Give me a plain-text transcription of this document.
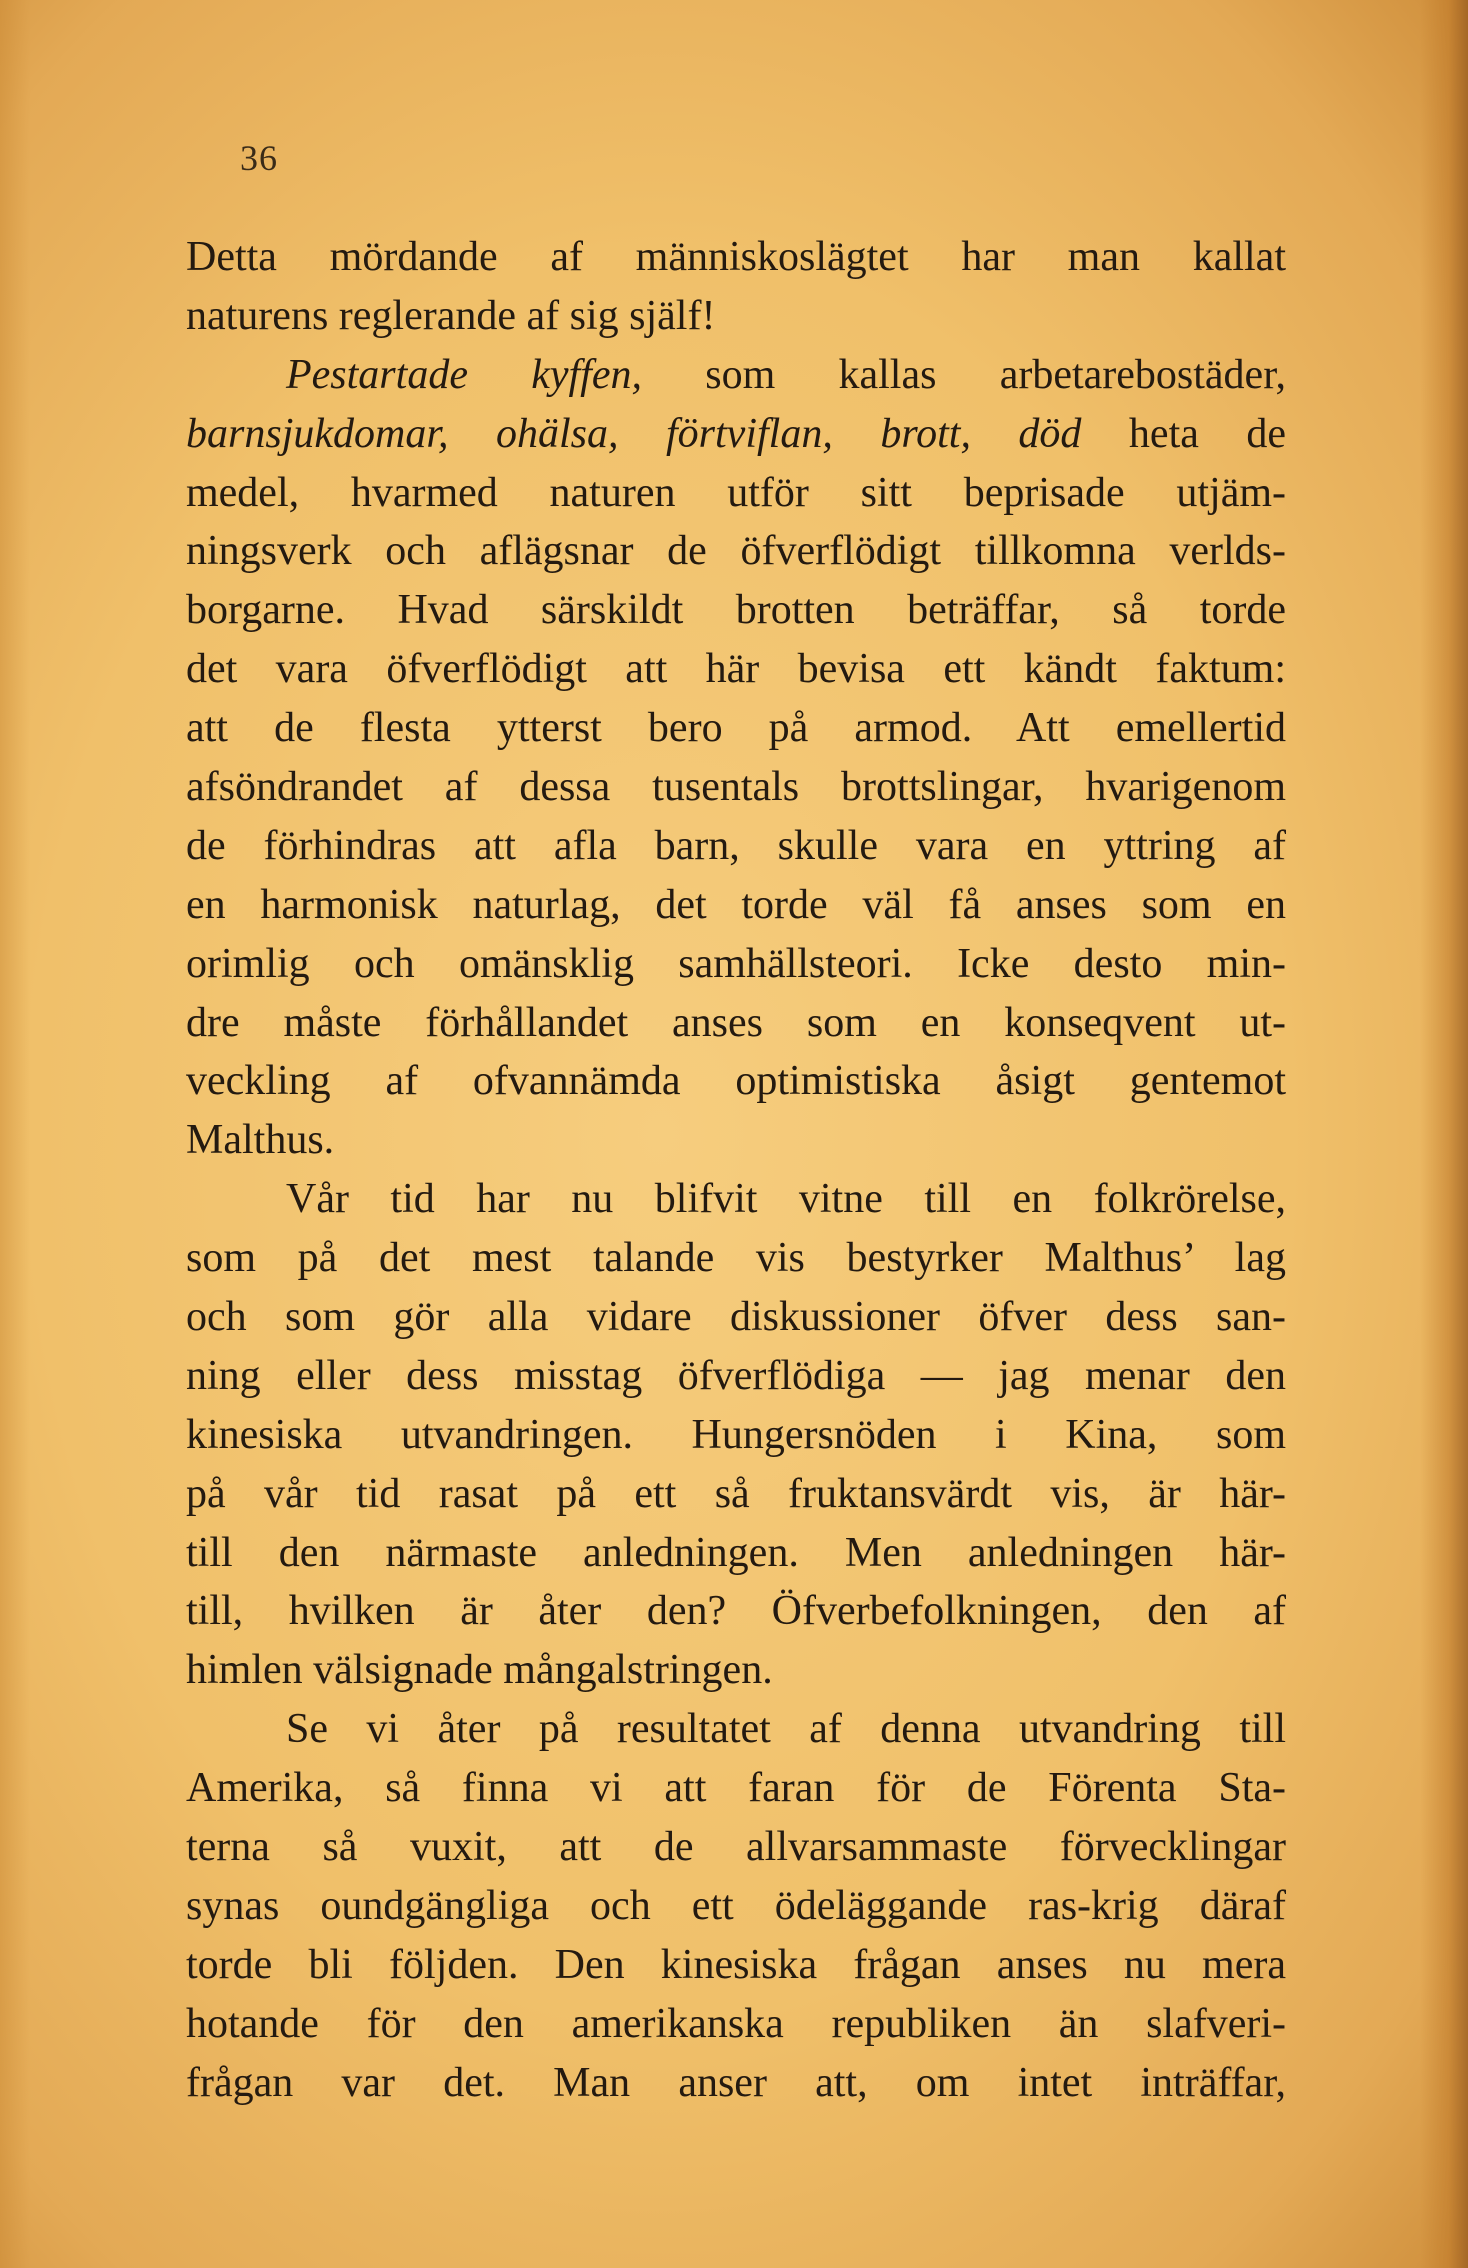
36
Detta mördande af människoslägtet har man kallat
naturens reglerande af sig själf!
Pestartade kyffen, som kallas arbetarebostäder,
barnsjukdomar, ohälsa, förtviflan, brott, död heta de
medel, hvarmed naturen utför sitt beprisade utjäm-
ningsverk och aflägsnar de öfverflödigt tillkomna verlds-
borgarne. Hvad särskildt brotten beträffar, så torde
det vara öfverflödigt att här bevisa ett kändt faktum:
att de flesta ytterst bero på armod. Att emellertid
afsöndrandet af dessa tusentals brottslingar, hvarigenom
de förhindras att afla barn, skulle vara en yttring af
en harmonisk naturlag, det torde väl få anses som en
orimlig och omänsklig samhällsteori. Icke desto min-
dre måste förhållandet anses som en konseqvent ut-
veckling af ofvannämda optimistiska åsigt gentemot
Malthus.
Vår tid har nu blifvit vitne till en folkrörelse,
som på det mest talande vis bestyrker Malthus’ lag
och som gör alla vidare diskussioner öfver dess san-
ning eller dess misstag öfverflödiga — jag menar den
kinesiska utvandringen. Hungersnöden i Kina, som
på vår tid rasat på ett så fruktansvärdt vis, är här-
till den närmaste anledningen. Men anledningen här-
till, hvilken är åter den? Öfverbefolkningen, den af
himlen välsignade mångalstringen.
Se vi åter på resultatet af denna utvandring till
Amerika, så finna vi att faran för de Förenta Sta-
terna så vuxit, att de allvarsammaste förvecklingar
synas oundgängliga och ett ödeläggande ras-krig däraf
torde bli följden. Den kinesiska frågan anses nu mera
hotande för den amerikanska republiken än slafveri-
frågan var det. Man anser att, om intet inträffar,
